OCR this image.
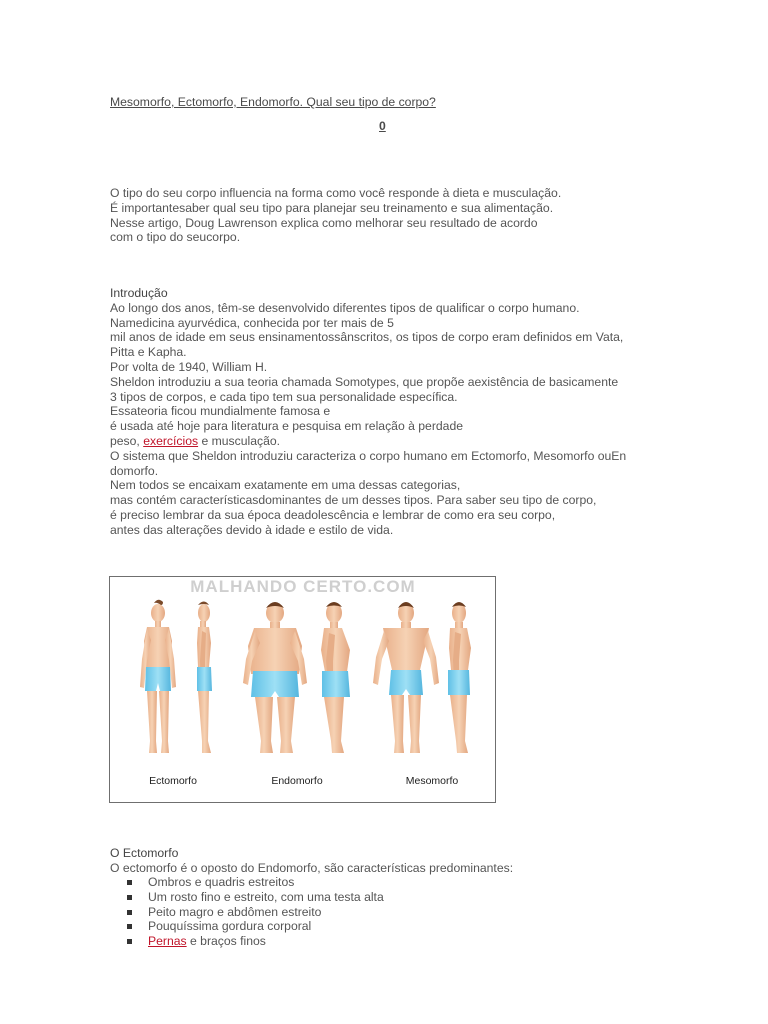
Mesomorfo, Ectomorfo, Endomorfo. Qual seu tipo de corpo?
0
O tipo do seu corpo influencia na forma como você responde à dieta e musculação.
É importantesaber qual seu tipo para planejar seu treinamento e sua alimentação.
Nesse artigo, Doug Lawrenson explica como melhorar seu resultado de acordo
com o tipo do seucorpo.
Introdução
Ao longo dos anos, têm-se desenvolvido diferentes tipos de qualificar o corpo humano.
Namedicina ayurvédica, conhecida por ter mais de 5
mil anos de idade em seus ensinamentossânscritos, os tipos de corpo eram definidos em Vata,
Pitta e Kapha.
Por volta de 1940, William H.
Sheldon introduziu a sua teoria chamada Somotypes, que propõe aexistência de basicamente
3 tipos de corpos, e cada tipo tem sua personalidade específica.
Essateoria ficou mundialmente famosa e
é usada até hoje para literatura e pesquisa em relação à perdade
peso, exercícios e musculação.
O sistema que Sheldon introduziu caracteriza o corpo humano em Ectomorfo, Mesomorfo ouEn
domorfo.
Nem todos se encaixam exatamente em uma dessas categorias,
mas contém característicasdominantes de um desses tipos. Para saber seu tipo de corpo,
é preciso lembrar da sua época deadolescência e lembrar de como era seu corpo,
antes das alterações devido à idade e estilo de vida.
MALHANDO CERTO.COM
Ectomorfo	Endomorfo	Mesomorfo
O Ectomorfo
O ectomorfo é o oposto do Endomorfo, são características predominantes:
Ombros e quadris estreitos
Um rosto fino e estreito, com uma testa alta
Peito magro e abdômen estreito
Pouquíssima gordura corporal
Pernas e braços finos
